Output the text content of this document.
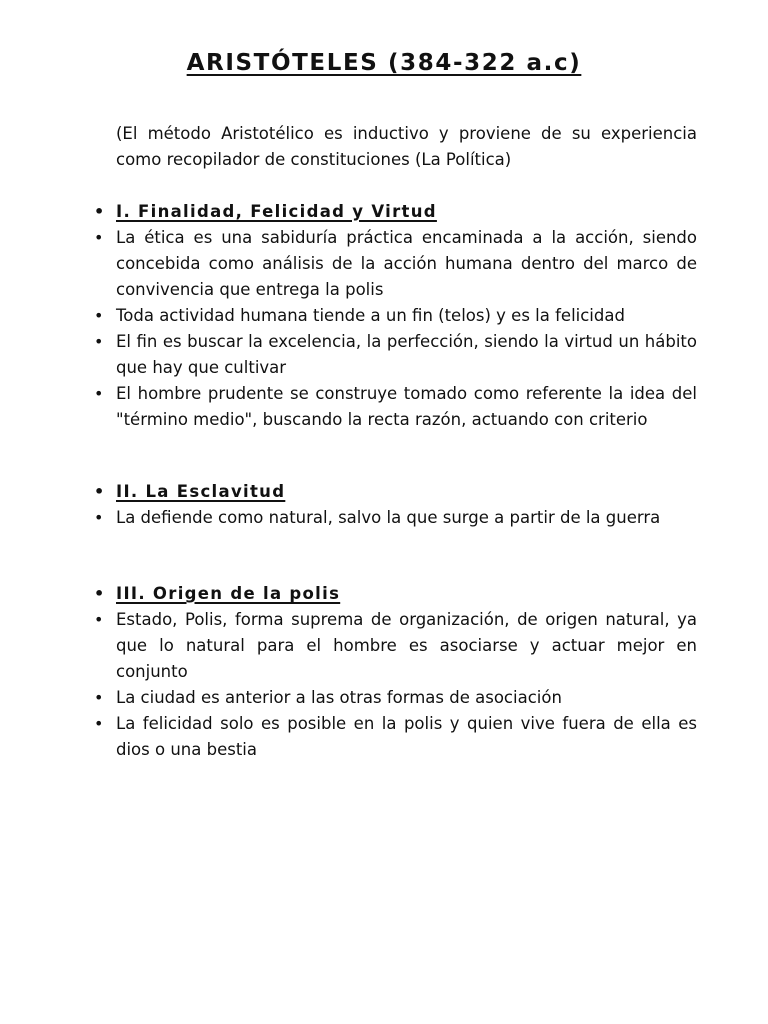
ARISTÓTELES (384-322 a.c)
(El método Aristotélico es inductivo y proviene de su experiencia como recopilador de constituciones (La Política)
• I. Finalidad, Felicidad y Virtud
• La ética es una sabiduría práctica encaminada a la acción, siendo concebida como análisis de la acción humana dentro del marco de convivencia que entrega la polis
• Toda actividad humana tiende a un fin (telos) y es la felicidad
• El fin es buscar la excelencia, la perfección, siendo la virtud un hábito que hay que cultivar
• El hombre prudente se construye tomado como referente la idea del "término medio", buscando la recta razón, actuando con criterio
• II. La Esclavitud
• La defiende como natural, salvo la que surge a partir de la guerra
• III. Origen de la polis
• Estado, Polis, forma suprema de organización, de origen natural, ya que lo natural para el hombre es asociarse y actuar mejor en conjunto
• La ciudad es anterior a las otras formas de asociación
• La felicidad solo es posible en la polis y quien vive fuera de ella es dios o una bestia
